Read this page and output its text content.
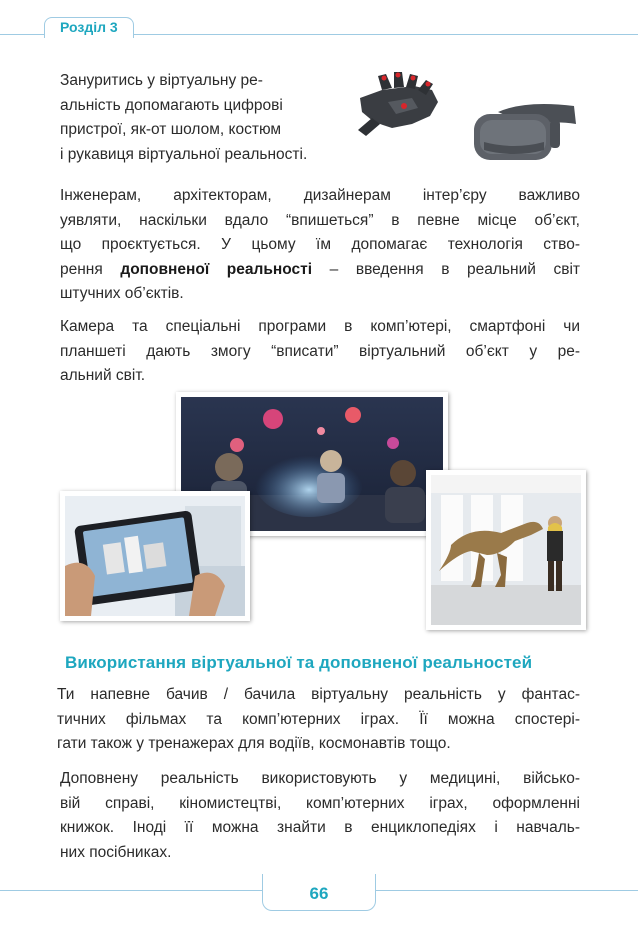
Розділ 3
Зануритись у віртуальну ре-
альність допомагають цифрові
пристрої, як-от шолом, костюм
і рукавиця віртуальної реальності.
Інженерам, архітекторам, дизайнерам інтер’єру важливо
уявляти, наскільки вдало “впишеться” в певне місце об’єкт,
що проєктується. У цьому їм допомагає технологія ство-
рення доповненої реальності – введення в реальний світ
штучних об’єктів.
Камера та спеціальні програми в комп’ютері, смартфоні чи
планшеті дають змогу “вписати” віртуальний об’єкт у ре-
альний світ.
Використання віртуальної та доповненої реальностей
Ти напевне бачив / бачила віртуальну реальність у фантас-
тичних фільмах та комп’ютерних іграх. Її можна спостері-
гати також у тренажерах для водіїв, космонавтів тощо.
Доповнену реальність використовують у медицині, військо-
вій справі, кіномистецтві, комп’ютерних іграх, оформленні
книжок. Іноді її можна знайти в енциклопедіях і навчаль-
них посібниках.
66
